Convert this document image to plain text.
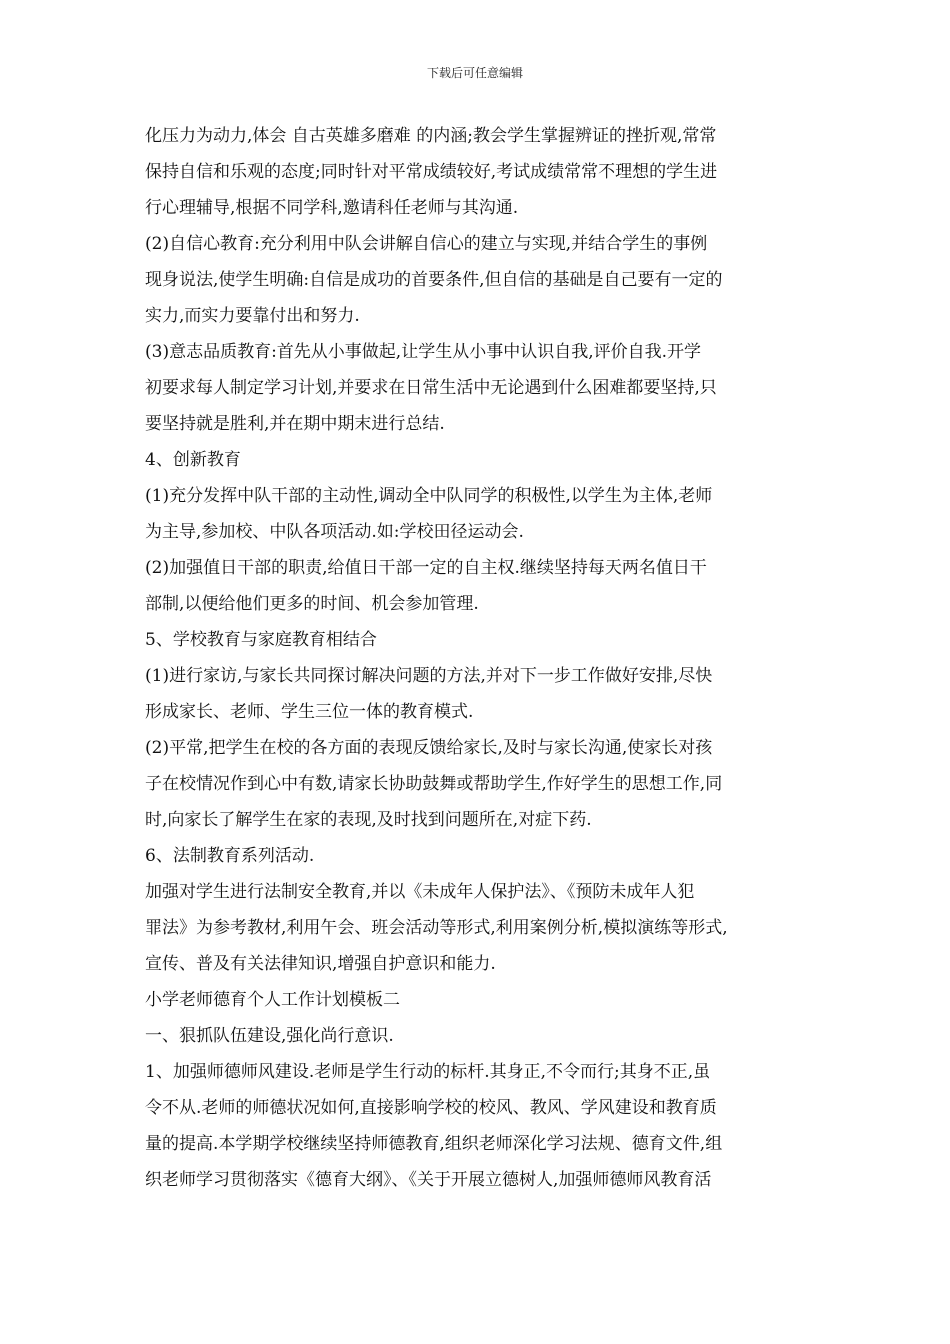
下载后可任意编辑
化压力为动力,体会 自古英雄多磨难 的内涵;教会学生掌握辨证的挫折观,常常
保持自信和乐观的态度;同时针对平常成绩较好,考试成绩常常不理想的学生进
行心理辅导,根据不同学科,邀请科任老师与其沟通.
(2)自信心教育:充分利用中队会讲解自信心的建立与实现,并结合学生的事例
现身说法,使学生明确:自信是成功的首要条件,但自信的基础是自己要有一定的
实力,而实力要靠付出和努力.
(3)意志品质教育:首先从小事做起,让学生从小事中认识自我,评价自我.开学
初要求每人制定学习计划,并要求在日常生活中无论遇到什么困难都要坚持,只
要坚持就是胜利,并在期中期末进行总结.
4、创新教育
(1)充分发挥中队干部的主动性,调动全中队同学的积极性,以学生为主体,老师
为主导,参加校、中队各项活动.如:学校田径运动会.
(2)加强值日干部的职责,给值日干部一定的自主权.继续坚持每天两名值日干
部制,以便给他们更多的时间、机会参加管理.
5、学校教育与家庭教育相结合
(1)进行家访,与家长共同探讨解决问题的方法,并对下一步工作做好安排,尽快
形成家长、老师、学生三位一体的教育模式.
(2)平常,把学生在校的各方面的表现反馈给家长,及时与家长沟通,使家长对孩
子在校情况作到心中有数,请家长协助鼓舞或帮助学生,作好学生的思想工作,同
时,向家长了解学生在家的表现,及时找到问题所在,对症下药.
6、法制教育系列活动.
加强对学生进行法制安全教育,并以《未成年人保护法》、《预防未成年人犯
罪法》为参考教材,利用午会、班会活动等形式,利用案例分析,模拟演练等形式,
宣传、普及有关法律知识,增强自护意识和能力.
小学老师德育个人工作计划模板二
一、狠抓队伍建设,强化尚行意识.
1、加强师德师风建设.老师是学生行动的标杆.其身正,不令而行;其身不正,虽
令不从.老师的师德状况如何,直接影响学校的校风、教风、学风建设和教育质
量的提高.本学期学校继续坚持师德教育,组织老师深化学习法规、德育文件,组
织老师学习贯彻落实《德育大纲》、《关于开展立德树人,加强师德师风教育活
